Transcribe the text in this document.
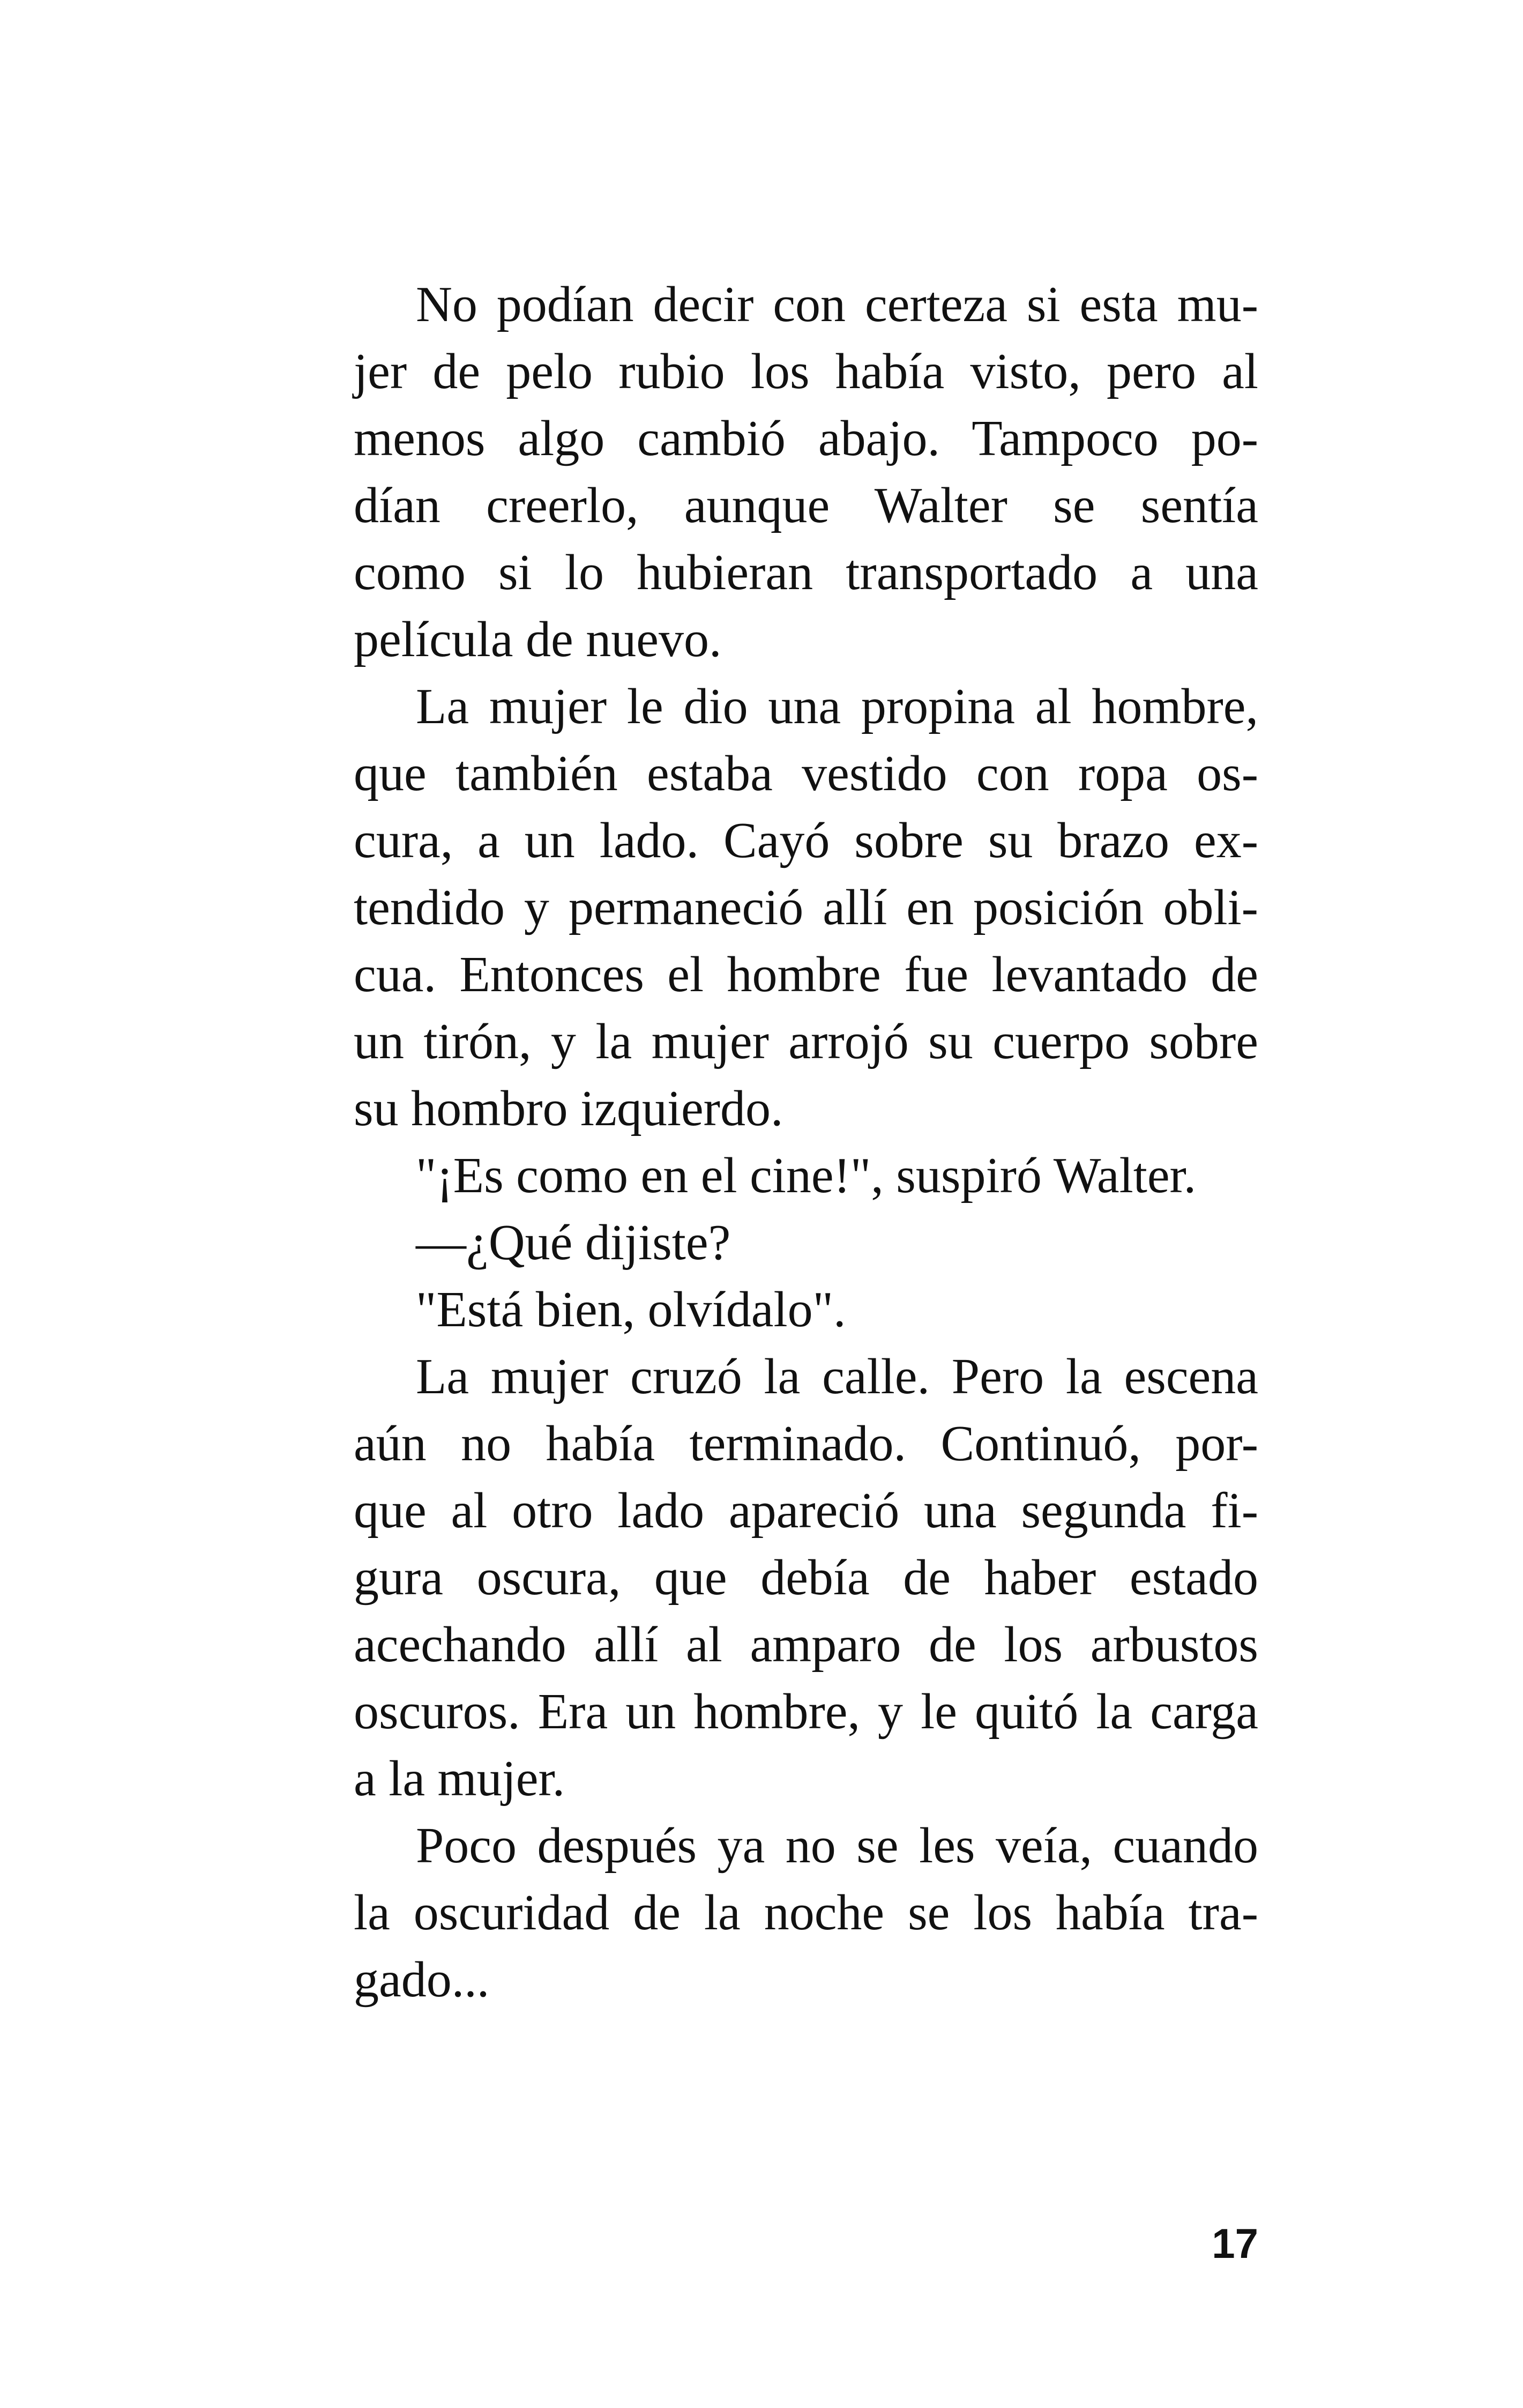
No podían decir con certeza si esta mu-
jer de pelo rubio los había visto, pero al
menos algo cambió abajo. Tampoco po-
dían creerlo, aunque Walter se sentía
como si lo hubieran transportado a una
película de nuevo.
La mujer le dio una propina al hombre,
que también estaba vestido con ropa os-
cura, a un lado. Cayó sobre su brazo ex-
tendido y permaneció allí en posición obli-
cua. Entonces el hombre fue levantado de
un tirón, y la mujer arrojó su cuerpo sobre
su hombro izquierdo.
"¡Es como en el cine!", suspiró Walter.
—¿Qué dijiste?
"Está bien, olvídalo".
La mujer cruzó la calle. Pero la escena
aún no había terminado. Continuó, por-
que al otro lado apareció una segunda fi-
gura oscura, que debía de haber estado
acechando allí al amparo de los arbustos
oscuros. Era un hombre, y le quitó la carga
a la mujer.
Poco después ya no se les veía, cuando
la oscuridad de la noche se los había tra-
gado...
17
